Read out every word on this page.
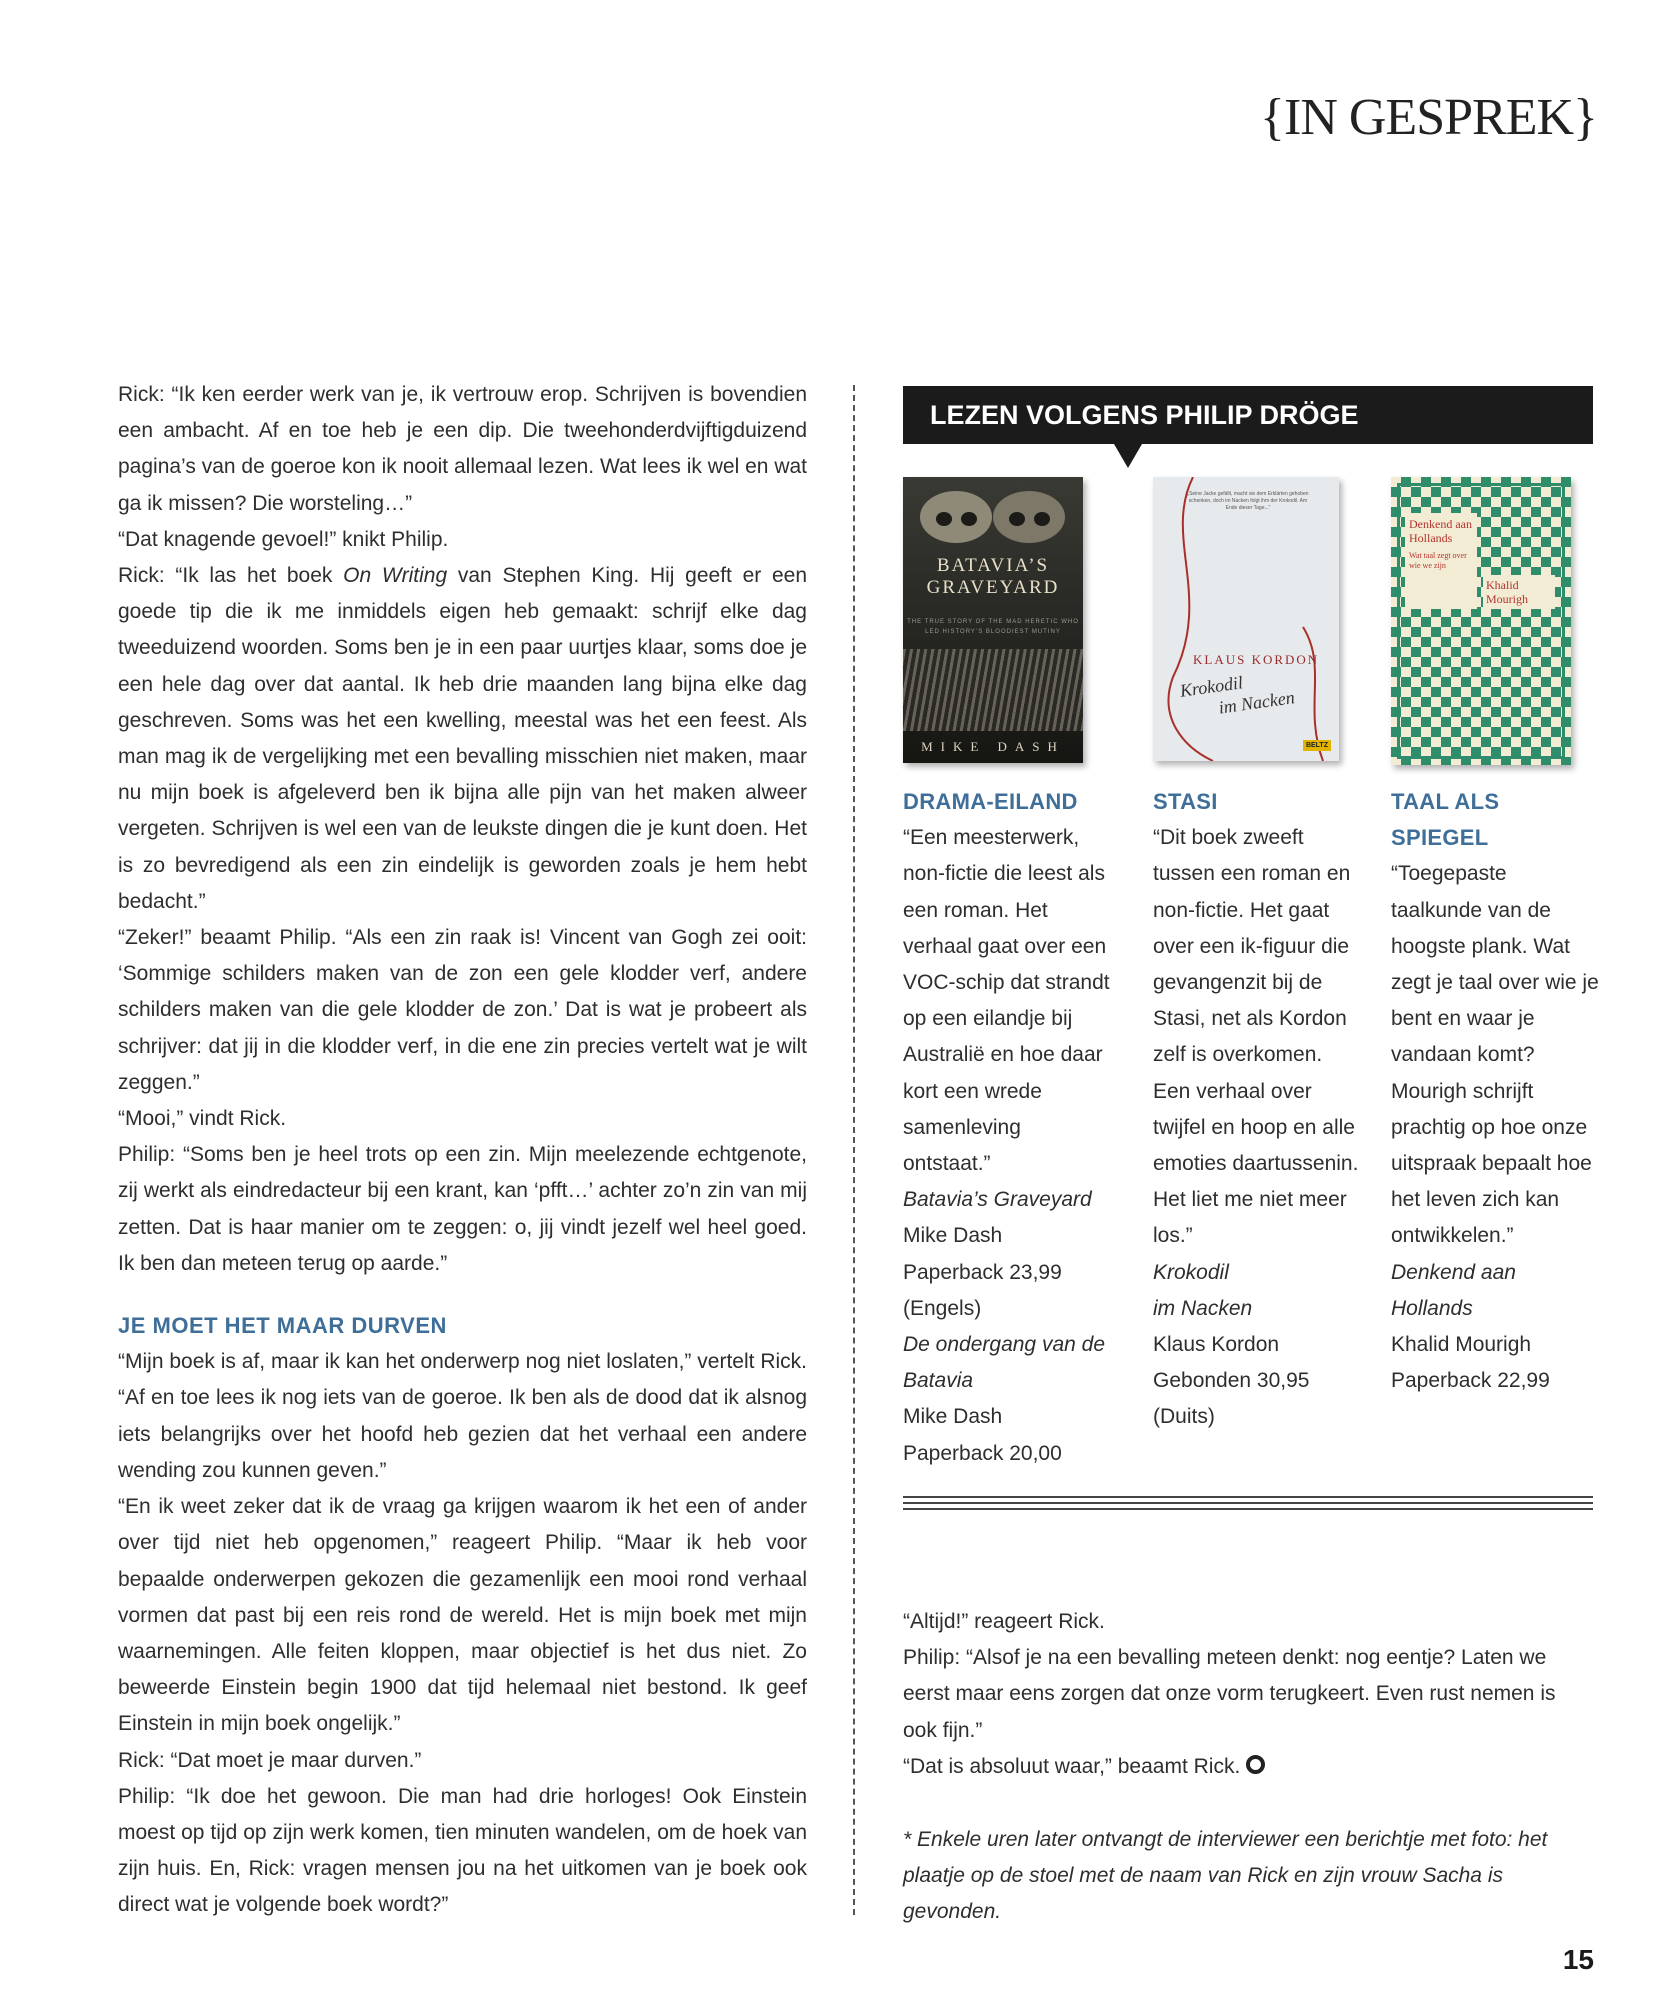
{IN GESPREK}

Rick: “Ik ken eerder werk van je, ik vertrouw erop. Schrijven is bovendien een ambacht. Af en toe heb je een dip. Die tweehonderdvijftigduizend pagina’s van de goeroe kon ik nooit allemaal lezen. Wat lees ik wel en wat ga ik missen? Die worsteling…”

“Dat knagende gevoel!” knikt Philip.

Rick: “Ik las het boek On Writing van Stephen King. Hij geeft er een goede tip die ik me inmiddels eigen heb gemaakt: schrijf elke dag tweeduizend woorden. Soms ben je in een paar uurtjes klaar, soms doe je een hele dag over dat aantal. Ik heb drie maanden lang bijna elke dag geschreven. Soms was het een kwelling, meestal was het een feest. Als man mag ik de vergelijking met een bevalling misschien niet maken, maar nu mijn boek is afgeleverd ben ik bijna alle pijn van het maken alweer vergeten. Schrijven is wel een van de leukste dingen die je kunt doen. Het is zo bevredigend als een zin eindelijk is geworden zoals je hem hebt bedacht.”

“Zeker!” beaamt Philip. “Als een zin raak is! Vincent van Gogh zei ooit: ‘Sommige schilders maken van de zon een gele klodder verf, andere schilders maken van die gele klodder de zon.’ Dat is wat je probeert als schrijver: dat jij in die klodder verf, in die ene zin precies vertelt wat je wilt zeggen.”

“Mooi,” vindt Rick.

Philip: “Soms ben je heel trots op een zin. Mijn meelezende echtgenote, zij werkt als eindredacteur bij een krant, kan ‘pfft…’ achter zo’n zin van mij zetten. Dat is haar manier om te zeggen: o, jij vindt jezelf wel heel goed. Ik ben dan meteen terug op aarde.”

JE MOET HET MAAR DURVEN

“Mijn boek is af, maar ik kan het onderwerp nog niet loslaten,” vertelt Rick. “Af en toe lees ik nog iets van de goeroe. Ik ben als de dood dat ik alsnog iets belangrijks over het hoofd heb gezien dat het verhaal een andere wending zou kunnen geven.”

“En ik weet zeker dat ik de vraag ga krijgen waarom ik het een of ander over tijd niet heb opgenomen,” reageert Philip. “Maar ik heb voor bepaalde onderwerpen gekozen die gezamenlijk een mooi rond verhaal vormen dat past bij een reis rond de wereld. Het is mijn boek met mijn waarnemingen. Alle feiten kloppen, maar objectief is het dus niet. Zo beweerde Einstein begin 1900 dat tijd helemaal niet bestond. Ik geef Einstein in mijn boek ongelijk.”

Rick: “Dat moet je maar durven.”

Philip: “Ik doe het gewoon. Die man had drie horloges! Ook Einstein moest op tijd op zijn werk komen, tien minuten wandelen, om de hoek van zijn huis. En, Rick: vragen mensen jou na het uitkomen van je boek ook direct wat je volgende boek wordt?”

LEZEN VOLGENS PHILIP DRÖGE
BATAVIA’S
GRAVEYARD
THE TRUE STORY OF THE MAD HERETIC WHO LED HISTORY’S BLOODIEST MUTINY
MIKE DASH
„Seine Jacke gefällt, macht sie dem Erklärten gehoben schenken, doch im Nacken folgt ihm der Krokodil. Am Ende dieser Tage...“
KLAUS KORDON
Krokodil
im Nacken
BELTZ
Denkend aan
Hollands
Wat taal zegt over wie we zijn
Khalid
Mourigh

DRAMA-EILAND

“Een meesterwerk, non-fictie die leest als een roman. Het verhaal gaat over een VOC-schip dat strandt op een eilandje bij Australië en hoe daar kort een wrede samenleving ontstaat.”

Batavia’s Graveyard

Mike Dash

Paperback 23,99

(Engels)

De ondergang van de Batavia

Mike Dash

Paperback 20,00

STASI

“Dit boek zweeft tussen een roman en non-fictie. Het gaat over een ik-figuur die gevangenzit bij de Stasi, net als Kordon zelf is overkomen. Een verhaal over twijfel en hoop en alle emoties daartussenin. Het liet me niet meer los.”

Krokodil

im Nacken

Klaus Kordon

Gebonden 30,95

(Duits)

TAAL ALS SPIEGEL

“Toegepaste taalkunde van de hoogste plank. Wat zegt je taal over wie je bent en waar je vandaan komt? Mourigh schrijft prachtig op hoe onze uitspraak bepaalt hoe het leven zich kan ontwikkelen.”

Denkend aan

Hollands

Khalid Mourigh

Paperback 22,99

“Altijd!” reageert Rick.

Philip: “Alsof je na een bevalling meteen denkt: nog eentje? Laten we eerst maar eens zorgen dat onze vorm terugkeert. Even rust nemen is ook fijn.”

“Dat is absoluut waar,” beaamt Rick.

* Enkele uren later ontvangt de interviewer een berichtje met foto: het plaatje op de stoel met de naam van Rick en zijn vrouw Sacha is gevonden.
15
